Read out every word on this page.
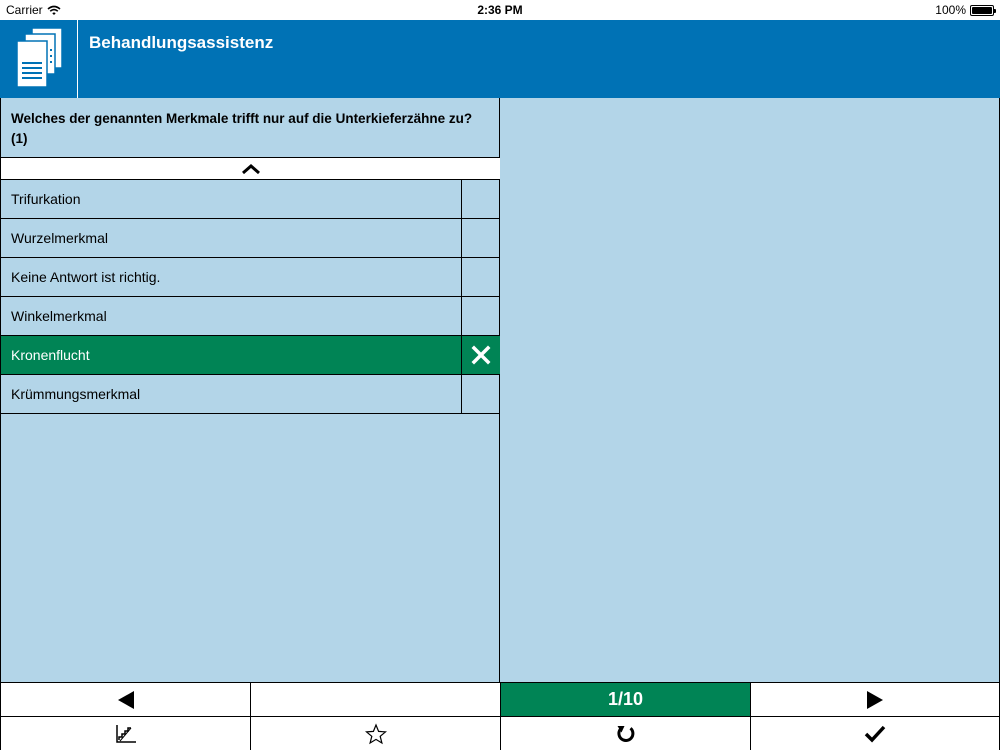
Carrier	2:36 PM	100%
Behandlungsassistenz
Welches der genannten Merkmale trifft nur auf die Unterkieferzähne zu? (1)
Trifurkation
Wurzelmerkmal
Keine Antwort ist richtig.
Winkelmerkmal
Kronenflucht
Krümmungsmerkmal
1/10
